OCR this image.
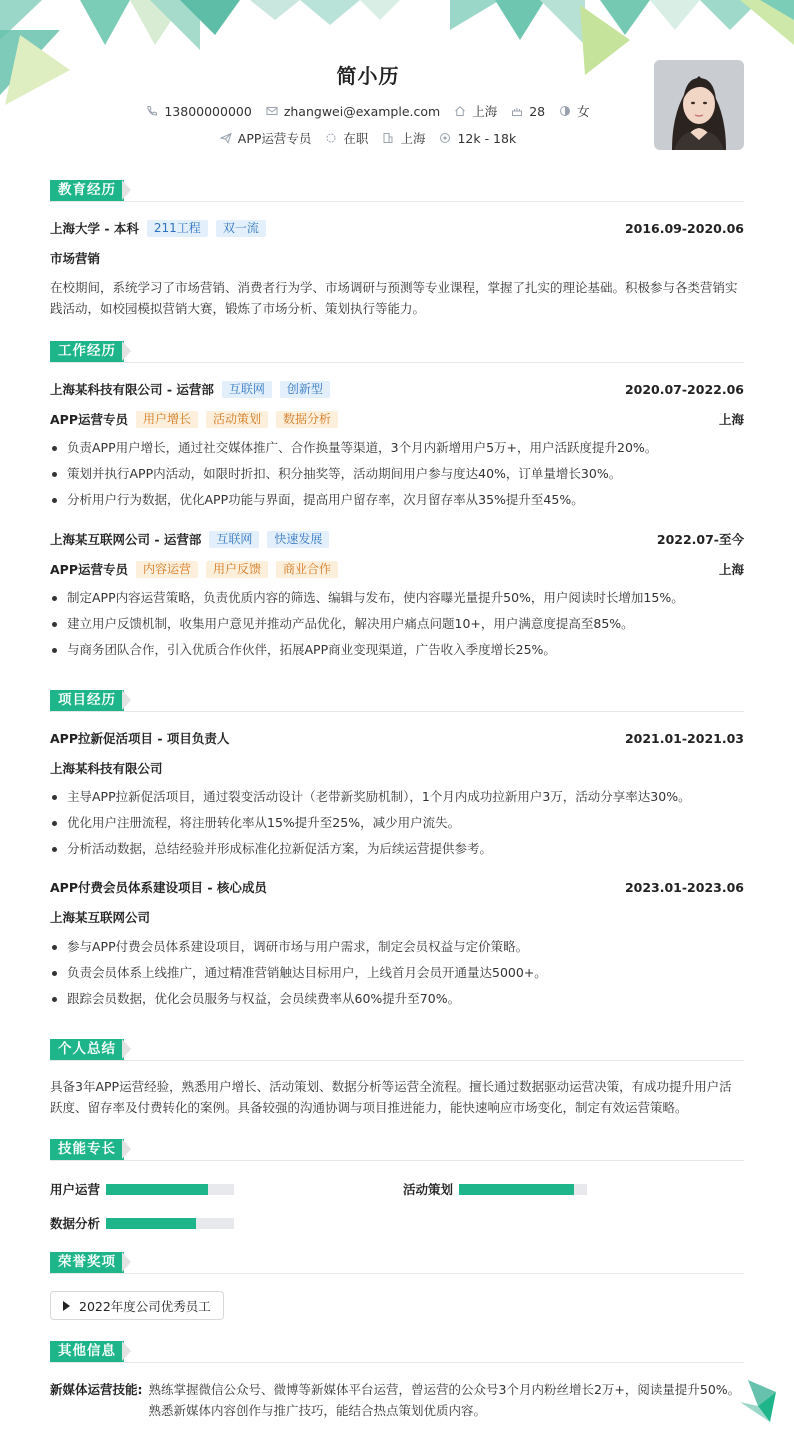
简小历
13800000000	zhangwei@example.com	上海	28	女
APP运营专员	在职	上海	12k - 18k
教育经历
上海大学 - 本科	211工程	双一流	2016.09-2020.06
市场营销
在校期间，系统学习了市场营销、消费者行为学、市场调研与预测等专业课程，掌握了扎实的理论基础。积极参与各类营销实践活动，如校园模拟营销大赛，锻炼了市场分析、策划执行等能力。
工作经历
上海某科技有限公司 - 运营部	互联网	创新型	2020.07-2022.06
APP运营专员	用户增长	活动策划	数据分析	上海
负责APP用户增长，通过社交媒体推广、合作换量等渠道，3个月内新增用户5万+，用户活跃度提升20%。
策划并执行APP内活动，如限时折扣、积分抽奖等，活动期间用户参与度达40%，订单量增长30%。
分析用户行为数据，优化APP功能与界面，提高用户留存率，次月留存率从35%提升至45%。
上海某互联网公司 - 运营部	互联网	快速发展	2022.07-至今
APP运营专员	内容运营	用户反馈	商业合作	上海
制定APP内容运营策略，负责优质内容的筛选、编辑与发布，使内容曝光量提升50%，用户阅读时长增加15%。
建立用户反馈机制，收集用户意见并推动产品优化，解决用户痛点问题10+，用户满意度提高至85%。
与商务团队合作，引入优质合作伙伴，拓展APP商业变现渠道，广告收入季度增长25%。
项目经历
APP拉新促活项目 - 项目负责人	2021.01-2021.03
上海某科技有限公司
主导APP拉新促活项目，通过裂变活动设计（老带新奖励机制），1个月内成功拉新用户3万，活动分享率达30%。
优化用户注册流程，将注册转化率从15%提升至25%，减少用户流失。
分析活动数据，总结经验并形成标准化拉新促活方案，为后续运营提供参考。
APP付费会员体系建设项目 - 核心成员	2023.01-2023.06
上海某互联网公司
参与APP付费会员体系建设项目，调研市场与用户需求，制定会员权益与定价策略。
负责会员体系上线推广，通过精准营销触达目标用户，上线首月会员开通量达5000+。
跟踪会员数据，优化会员服务与权益，会员续费率从60%提升至70%。
个人总结
具备3年APP运营经验，熟悉用户增长、活动策划、数据分析等运营全流程。擅长通过数据驱动运营决策，有成功提升用户活跃度、留存率及付费转化的案例。具备较强的沟通协调与项目推进能力，能快速响应市场变化，制定有效运营策略。
技能专长
用户运营	活动策划
数据分析
荣誉奖项
2022年度公司优秀员工
其他信息
新媒体运营技能: 熟练掌握微信公众号、微博等新媒体平台运营，曾运营的公众号3个月内粉丝增长2万+，阅读量提升50%。熟悉新媒体内容创作与推广技巧，能结合热点策划优质内容。
